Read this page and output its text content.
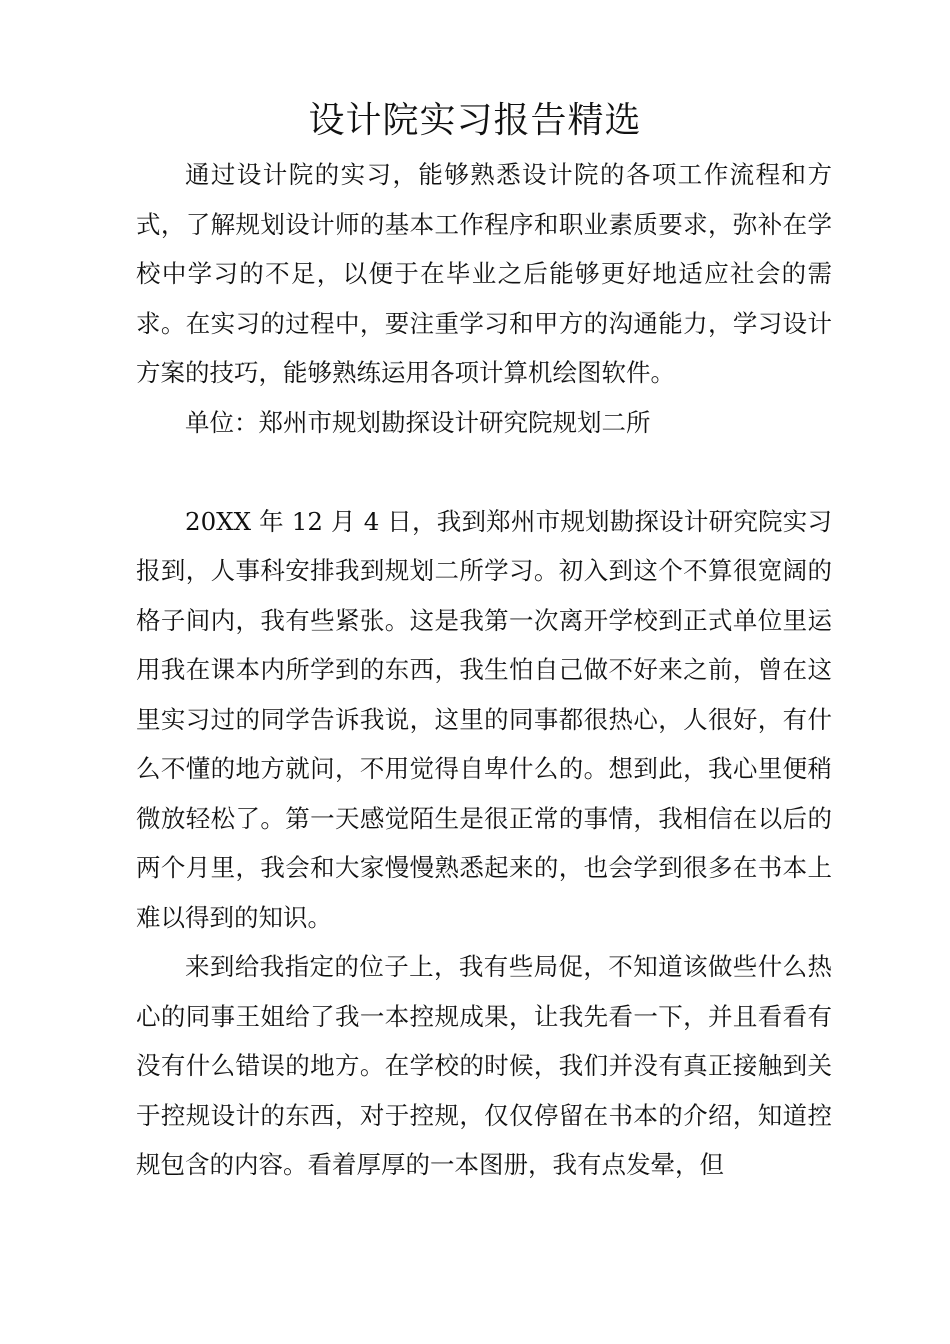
设计院实习报告精选

通过设计院的实习，能够熟悉设计院的各项工作流程和方式，了解规划设计师的基本工作程序和职业素质要求，弥补在学校中学习的不足，以便于在毕业之后能够更好地适应社会的需求。在实习的过程中，要注重学习和甲方的沟通能力，学习设计方案的技巧，能够熟练运用各项计算机绘图软件。

单位：郑州市规划勘探设计研究院规划二所

20XX 年 12 月 4 日，我到郑州市规划勘探设计研究院实习报到，人事科安排我到规划二所学习。初入到这个不算很宽阔的格子间内，我有些紧张。这是我第一次离开学校到正式单位里运用我在课本内所学到的东西，我生怕自己做不好来之前，曾在这里实习过的同学告诉我说，这里的同事都很热心，人很好，有什么不懂的地方就问，不用觉得自卑什么的。想到此，我心里便稍微放轻松了。第一天感觉陌生是很正常的事情，我相信在以后的两个月里，我会和大家慢慢熟悉起来的，也会学到很多在书本上难以得到的知识。

来到给我指定的位子上，我有些局促，不知道该做些什么热心的同事王姐给了我一本控规成果，让我先看一下，并且看看有没有什么错误的地方。在学校的时候，我们并没有真正接触到关于控规设计的东西，对于控规，仅仅停留在书本的介绍，知道控规包含的内容。看着厚厚的一本图册，我有点发晕，但
